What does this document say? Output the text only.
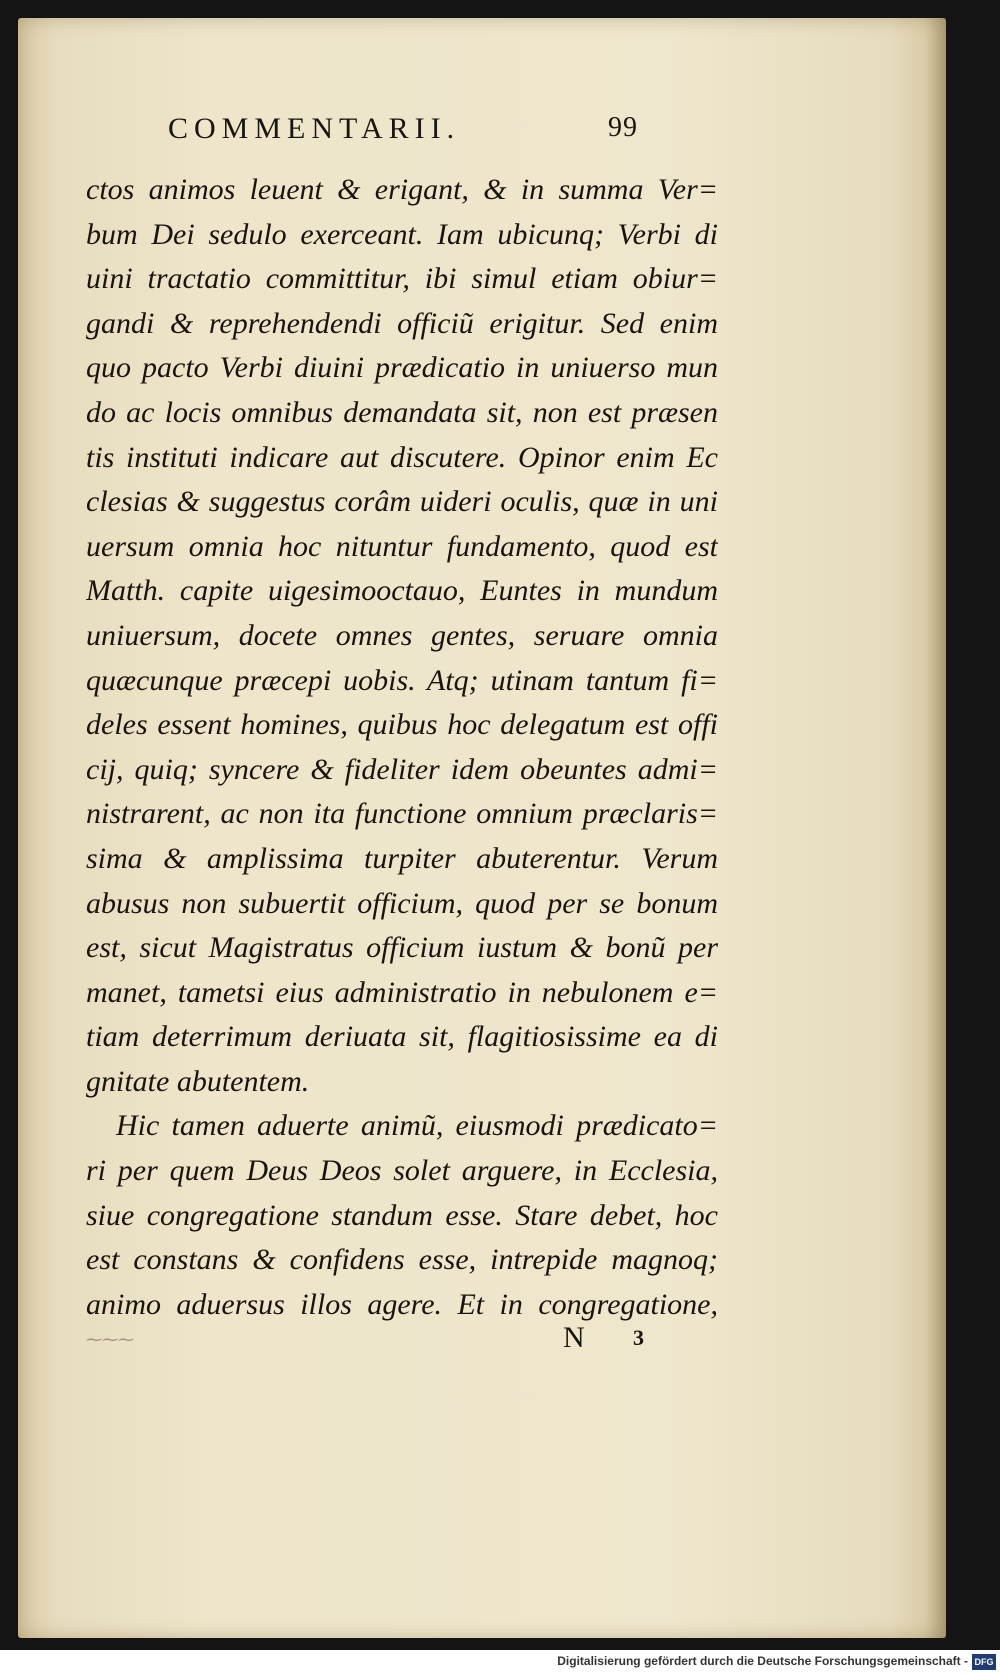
COMMENTARII.	99
ctos animos leuent & erigant, & in summa Ver=
bum Dei sedulo exerceant. Iam ubicunq; Verbi di
uini tractatio committitur, ibi simul etiam obiur=
gandi & reprehendendi officiũ erigitur. Sed enim
quo pacto Verbi diuini prædicatio in uniuerso mun
do ac locis omnibus demandata sit, non est præsen
tis instituti indicare aut discutere. Opinor enim Ec
clesias & suggestus corâm uideri oculis, quæ in uni
uersum omnia hoc nituntur fundamento, quod est
Matth. capite uigesimooctauo, Euntes in mundum
uniuersum, docete omnes gentes, seruare omnia
quæcunque præcepi uobis. Atq; utinam tantum fi=
deles essent homines, quibus hoc delegatum est offi
cij, quiq; syncere & fideliter idem obeuntes admi=
nistrarent, ac non ita functione omnium præclaris=
sima & amplissima turpiter abuterentur. Verum
abusus non subuertit officium, quod per se bonum
est, sicut Magistratus officium iustum & bonũ per
manet, tametsi eius administratio in nebulonem e=
tiam deterrimum deriuata sit, flagitiosissime ea di
gnitate abutentem.
Hic tamen aduerte animũ, eiusmodi prædicato=
ri per quem Deus Deos solet arguere, in Ecclesia,
siue congregatione standum esse. Stare debet, hoc
est constans & confidens esse, intrepide magnoq;
animo aduersus illos agere. Et in congregatione,
⁓⁓⁓	N 3
Digitalisierung gefördert durch die Deutsche Forschungsgemeinschaft - DFG
